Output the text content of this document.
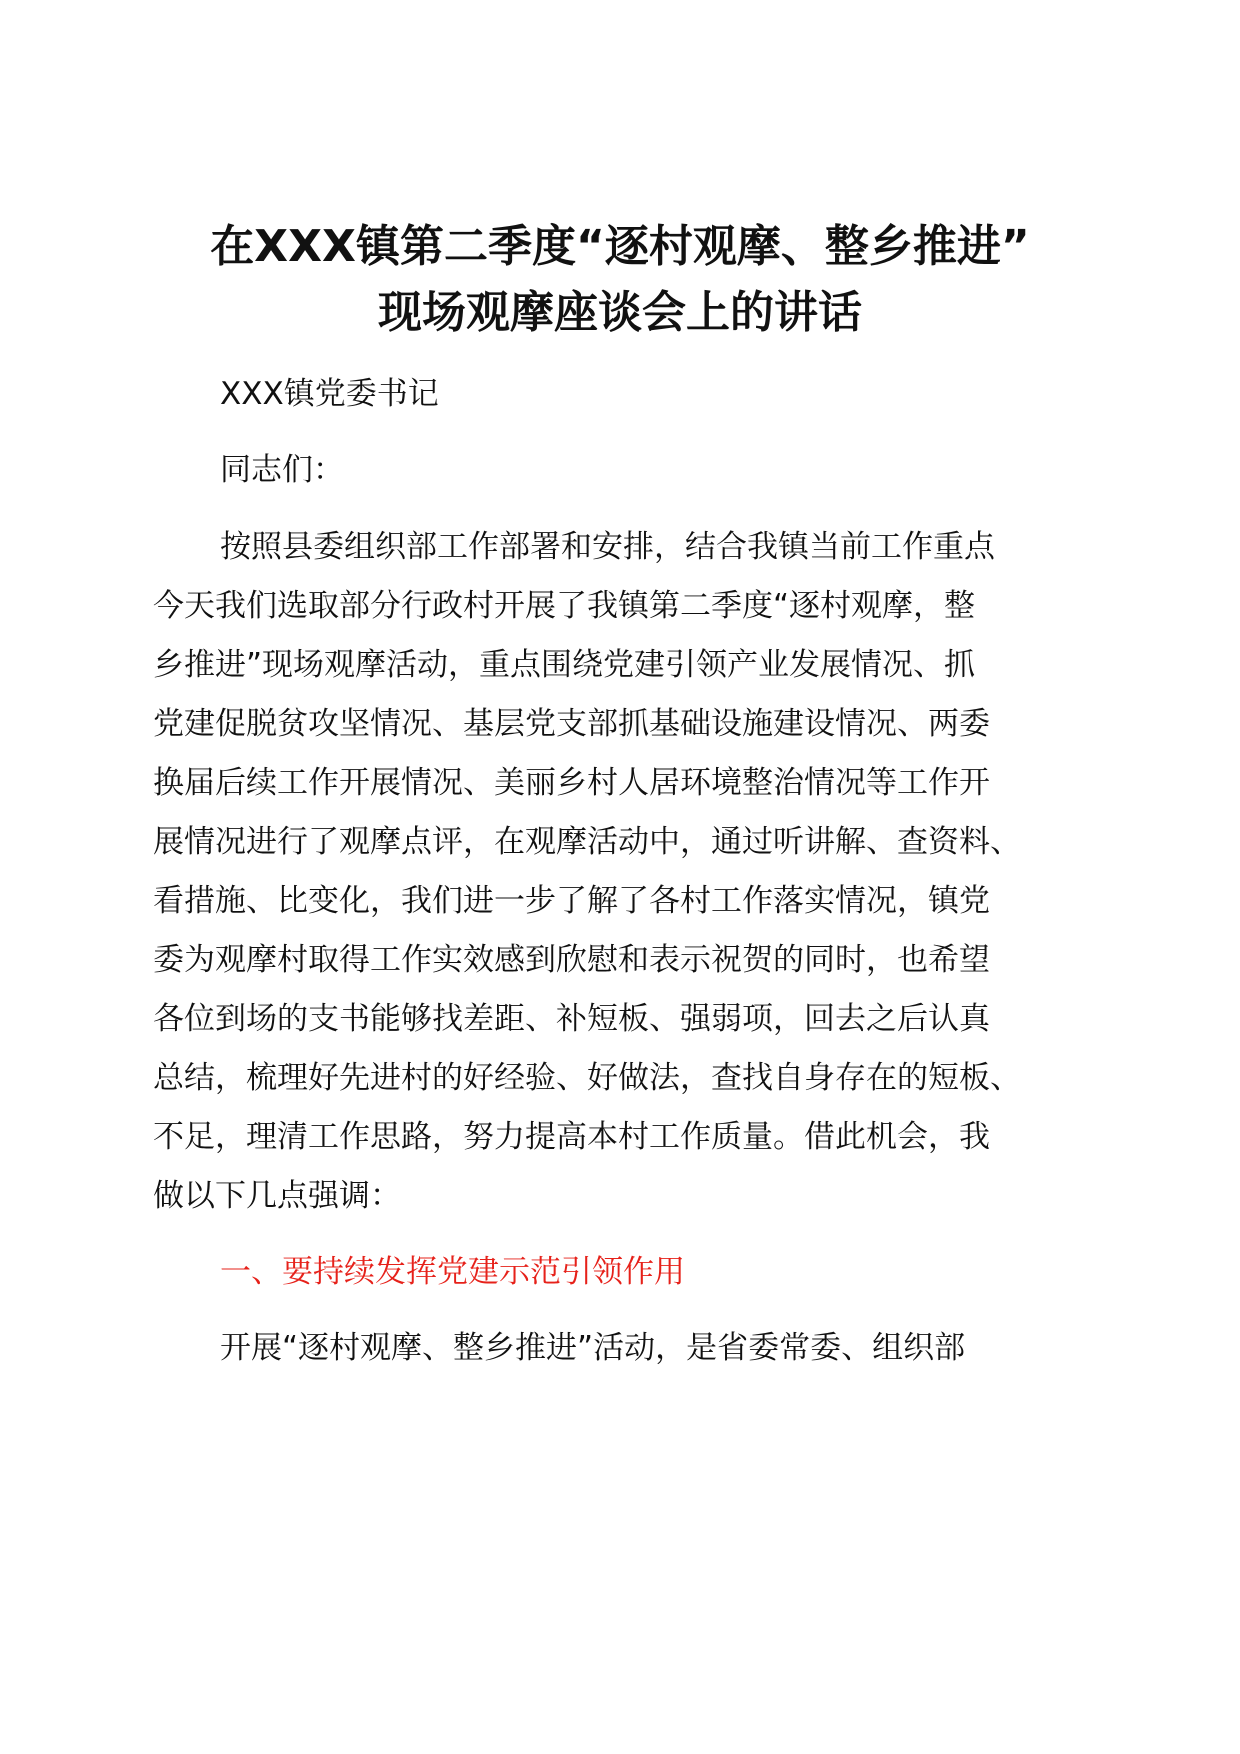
在XXX镇第二季度“逐村观摩、整乡推进”
现场观摩座谈会上的讲话
XXX镇党委书记
同志们：
按照县委组织部工作部署和安排，结合我镇当前工作重点
今天我们选取部分行政村开展了我镇第二季度“逐村观摩，整
乡推进”现场观摩活动，重点围绕党建引领产业发展情况、抓
党建促脱贫攻坚情况、基层党支部抓基础设施建设情况、两委
换届后续工作开展情况、美丽乡村人居环境整治情况等工作开
展情况进行了观摩点评，在观摩活动中，通过听讲解、查资料、
看措施、比变化，我们进一步了解了各村工作落实情况，镇党
委为观摩村取得工作实效感到欣慰和表示祝贺的同时，也希望
各位到场的支书能够找差距、补短板、强弱项，回去之后认真
总结，梳理好先进村的好经验、好做法，查找自身存在的短板、
不足，理清工作思路，努力提高本村工作质量。借此机会，我
做以下几点强调：
一、要持续发挥党建示范引领作用
开展“逐村观摩、整乡推进”活动，是省委常委、组织部
